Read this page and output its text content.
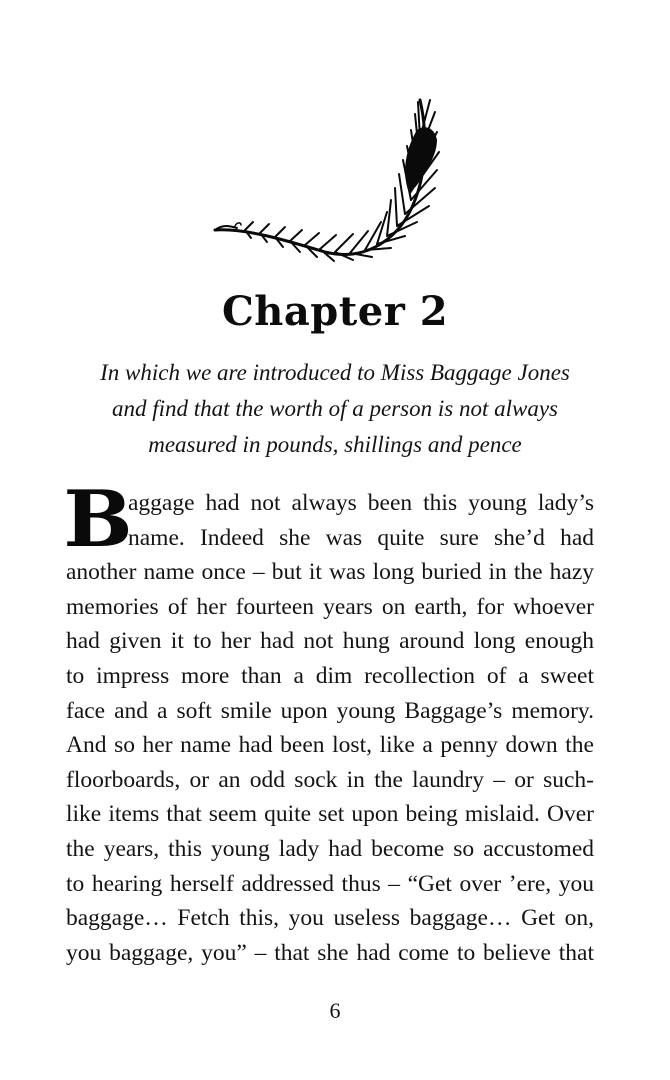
Chapter 2
In which we are introduced to Miss Baggage Jones
and find that the worth of a person is not always
measured in pounds, shillings and pence
B
aggage had not always been this young lady’s
name. Indeed she was quite sure she’d had
another name once – but it was long buried in the hazy
memories of her fourteen years on earth, for whoever
had given it to her had not hung around long enough
to impress more than a dim recollection of a sweet
face and a soft smile upon young Baggage’s memory.
And so her name had been lost, like a penny down the
floorboards, or an odd sock in the laundry – or such-
like items that seem quite set upon being mislaid. Over
the years, this young lady had become so accustomed
to hearing herself addressed thus – “Get over ’ere, you
baggage… Fetch this, you useless baggage… Get on,
you baggage, you” – that she had come to believe that
6
